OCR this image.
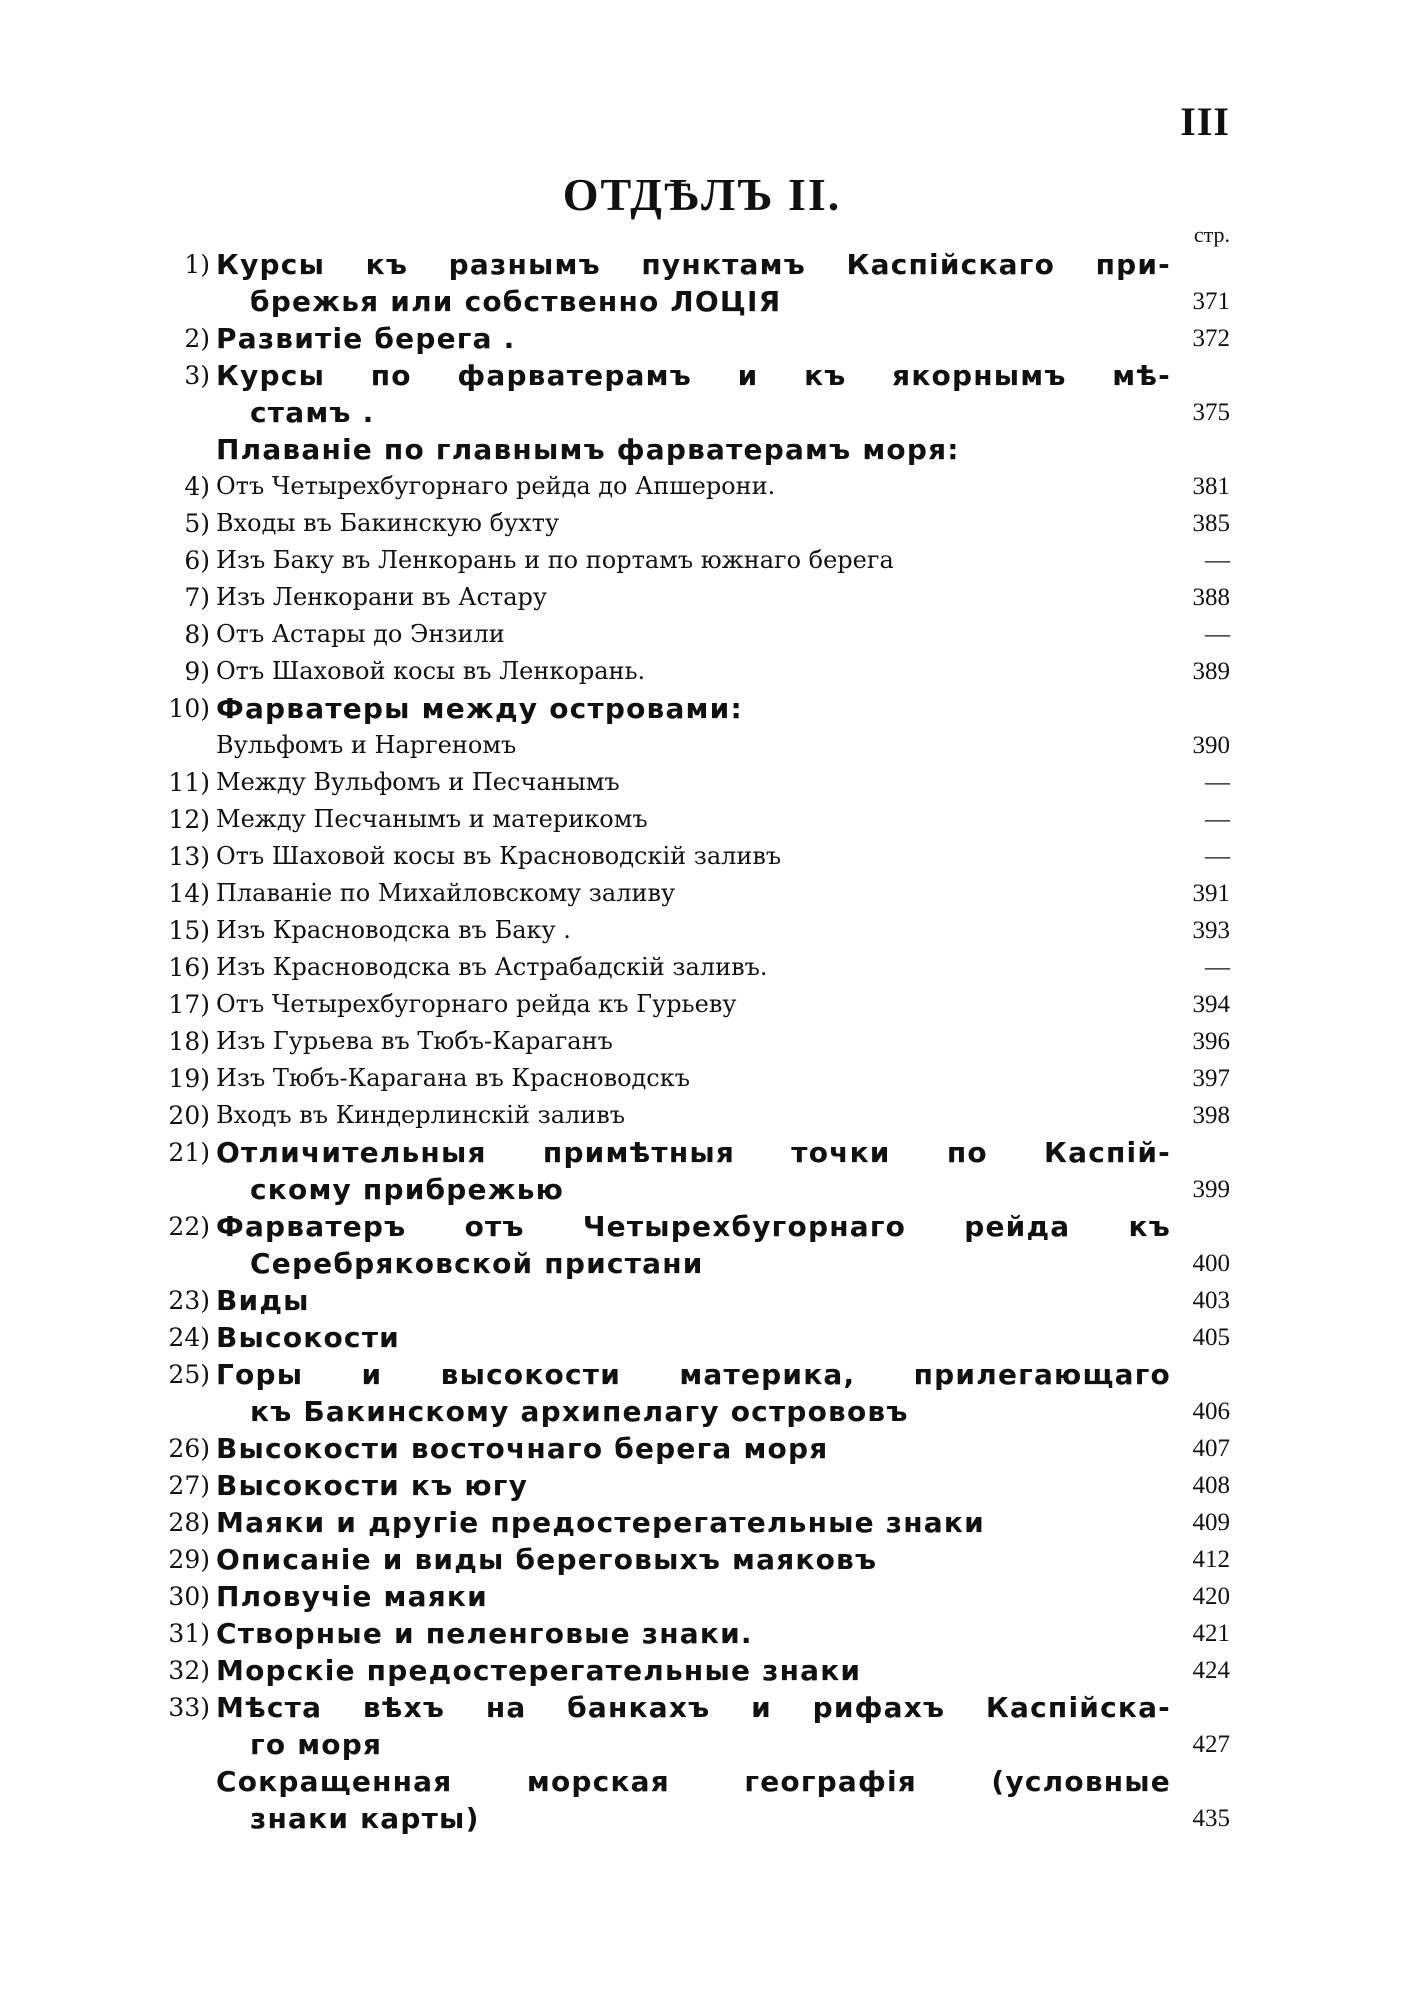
III
ОТДѢЛЪ II.
стр.
1) Курсы къ разнымъ пунктамъ Каспійскаго при-
брежья или собственно ЛОЦІЯ	371
2) Развитіе берега .	372
3) Курсы по фарватерамъ и къ якорнымъ мѣ-
стамъ .	375
Плаваніе по главнымъ фарватерамъ моря:
4) Отъ Четырехбугорнаго рейда до Апшерони.	381
5) Входы въ Бакинскую бухту	385
6) Изъ Баку въ Ленкорань и по портамъ южнаго берега	—
7) Изъ Ленкорани въ Астару	388
8) Отъ Астары до Энзили	—
9) Отъ Шаховой косы въ Ленкорань.	389
10) Фарватеры между островами:
Вульфомъ и Наргеномъ	390
11) Между Вульфомъ и Песчанымъ	—
12) Между Песчанымъ и материкомъ	—
13) Отъ Шаховой косы въ Красноводскій заливъ	—
14) Плаваніе по Михайловскому заливу	391
15) Изъ Красноводска въ Баку .	393
16) Изъ Красноводска въ Астрабадскій заливъ.	—
17) Отъ Четырехбугорнаго рейда къ Гурьеву	394
18) Изъ Гурьева въ Тюбъ-Караганъ	396
19) Изъ Тюбъ-Карагана въ Красноводскъ	397
20) Входъ въ Киндерлинскій заливъ	398
21) Отличительныя примѣтныя точки по Каспій-
скому прибрежью	399
22) Фарватеръ отъ Четырехбугорнаго рейда къ
Серебряковской пристани	400
23) Виды	403
24) Высокости	405
25) Горы и высокости материка, прилегающаго
къ Бакинскому архипелагу острововъ	406
26) Высокости восточнаго берега моря	407
27) Высокости къ югу	408
28) Маяки и другіе предостерегательные знаки	409
29) Описаніе и виды береговыхъ маяковъ	412
30) Пловучіе маяки	420
31) Створные и пеленговые знаки.	421
32) Морскіе предостерегательные знаки	424
33) Мѣста вѣхъ на банкахъ и рифахъ Каспійска-
го моря	427
Сокращенная морская географія (условные
знаки карты)	435
